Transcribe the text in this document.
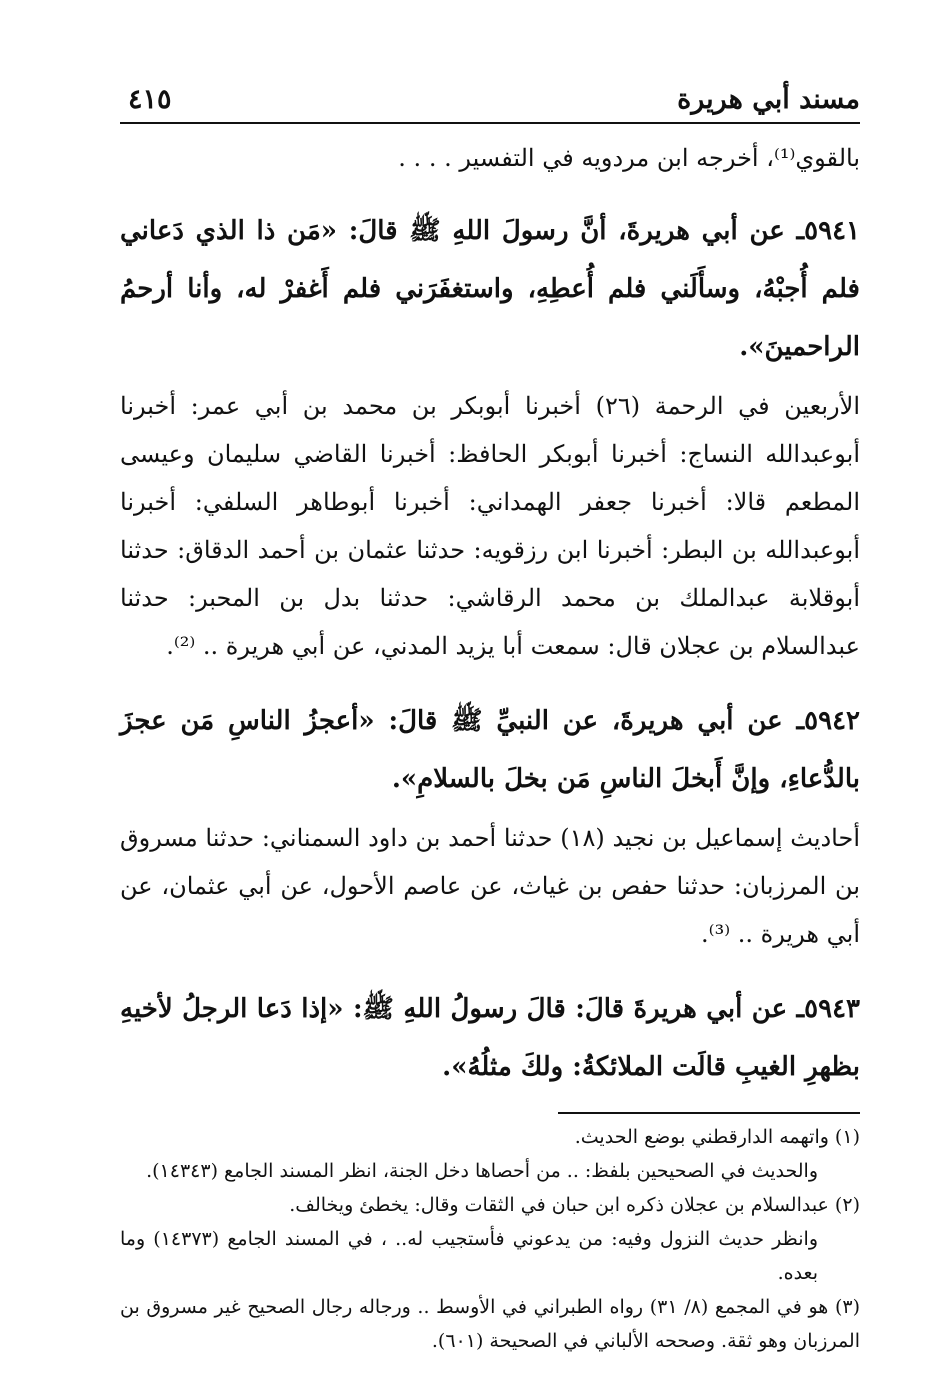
مسند أبي هريرة
٤١٥

بالقوي⁽¹⁾، أخرجه ابن مردويه في التفسير . . . .

٥٩٤١ـ عن أبي هريرةَ، أنَّ رسولَ اللهِ ﷺ قالَ: «مَن ذا الذي دَعاني فلم أُجبْهُ، وسأَلَني فلم أُعطِهِ، واستغفَرَني فلم أَغفرْ له، وأنا أرحمُ الراحمينَ».

الأربعين في الرحمة (٢٦) أخبرنا أبوبكر بن محمد بن أبي عمر: أخبرنا أبوعبدالله النساج: أخبرنا أبوبكر الحافظ: أخبرنا القاضي سليمان وعيسى المطعم قالا: أخبرنا جعفر الهمداني: أخبرنا أبوطاهر السلفي: أخبرنا أبوعبدالله بن البطر: أخبرنا ابن رزقويه: حدثنا عثمان بن أحمد الدقاق: حدثنا أبوقلابة عبدالملك بن محمد الرقاشي: حدثنا بدل بن المحبر: حدثنا عبدالسلام بن عجلان قال: سمعت أبا يزيد المدني، عن أبي هريرة .. ⁽²⁾.

٥٩٤٢ـ عن أبي هريرةَ، عن النبيِّ ﷺ قالَ: «أعجزُ الناسِ مَن عجزَ بالدُّعاءِ، وإنَّ أَبخلَ الناسِ مَن بخلَ بالسلامِ».

أحاديث إسماعيل بن نجيد (١٨) حدثنا أحمد بن داود السمناني: حدثنا مسروق بن المرزبان: حدثنا حفص بن غياث، عن عاصم الأحول، عن أبي عثمان، عن أبي هريرة .. ⁽³⁾.

٥٩٤٣ـ عن أبي هريرةَ قالَ: قالَ رسولُ اللهِ ﷺ: «إذا دَعا الرجلُ لأخيهِ بظهرِ الغيبِ قالَت الملائكةُ: ولكَ مثلُهُ».

(١) واتهمه الدارقطني بوضع الحديث.

والحديث في الصحيحين بلفظ: .. من أحصاها دخل الجنة، انظر المسند الجامع (١٤٣٤٣).

(٢) عبدالسلام بن عجلان ذكره ابن حبان في الثقات وقال: يخطئ ويخالف.

وانظر حديث النزول وفيه: من يدعوني فأستجيب له.. ، في المسند الجامع (١٤٣٧٣) وما بعده.

(٣) هو في المجمع (٨/ ٣١) رواه الطبراني في الأوسط .. ورجاله رجال الصحيح غير مسروق بن المرزبان وهو ثقة. وصححه الألباني في الصحيحة (٦٠١).
